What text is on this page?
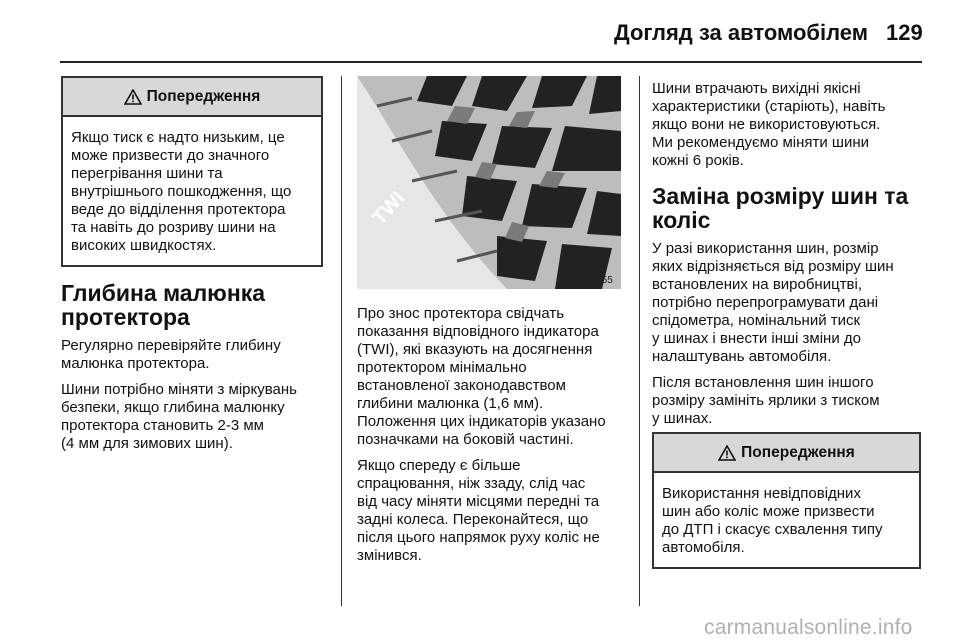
Догляд за автомобілем 129
Попередження
Якщо тиск є надто низьким, це
може призвести до значного
перегрівання шини та
внутрішнього пошкодження, що
веде до відділення протектора
та навіть до розриву шини на
високих швидкостях.
Глибина малюнка
протектора
Регулярно перевіряйте глибину
малюнка протектора.
Шини потрібно міняти з міркувань
безпеки, якщо глибина малюнку
протектора становить 2-3 мм
(4 мм для зимових шин).
TWI
30055
Про знос протектора свідчать
показання відповідного індикатора
(TWI), які вказують на досягнення
протектором мінімально
встановленої законодавством
глибини малюнка (1,6 мм).
Положення цих індикаторів указано
позначками на боковій частині.
Якщо спереду є більше
спрацювання, ніж ззаду, слід час
від часу міняти місцями передні та
задні колеса. Переконайтеся, що
після цього напрямок руху коліс не
змінився.
Шини втрачають вихідні якісні
характеристики (старіють), навіть
якщо вони не використовуються.
Ми рекомендуємо міняти шини
кожні 6 років.
Заміна розміру шин та
коліс
У разі використання шин, розмір
яких відрізняється від розміру шин
встановлених на виробництві,
потрібно перепрограмувати дані
спідометра, номінальний тиск
у шинах і внести інші зміни до
налаштувань автомобіля.
Після встановлення шин іншого
розміру замініть ярлики з тиском
у шинах.
Попередження
Використання невідповідних
шин або коліс може призвести
до ДТП і скасує схвалення типу
автомобіля.
carmanualsonline.info
